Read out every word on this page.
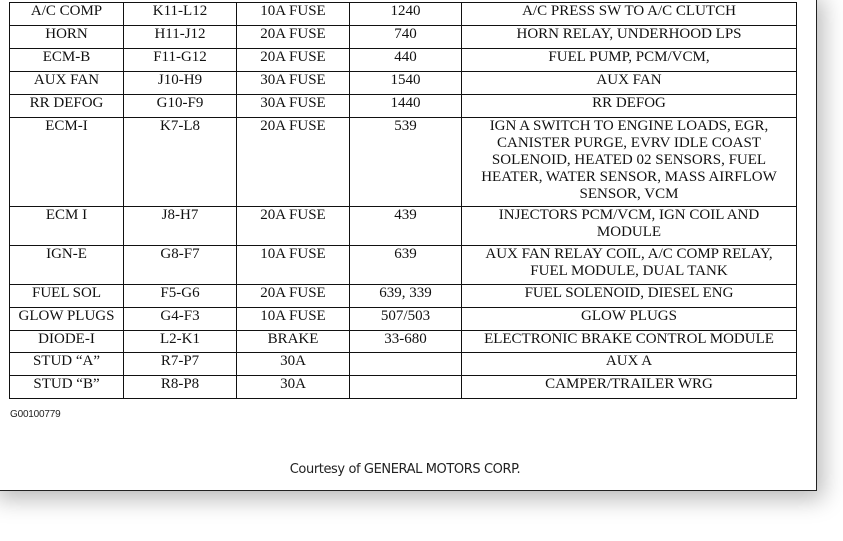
A/C COMP	K11-L12	10A FUSE	1240	A/C PRESS SW TO A/C CLUTCH
HORN	H11-J12	20A FUSE	740	HORN RELAY, UNDERHOOD LPS
ECM-B	F11-G12	20A FUSE	440	FUEL PUMP, PCM/VCM,
AUX FAN	J10-H9	30A FUSE	1540	AUX FAN
RR DEFOG	G10-F9	30A FUSE	1440	RR DEFOG
ECM-I	K7-L8	20A FUSE	539	IGN A SWITCH TO ENGINE LOADS, EGR, CANISTER PURGE, EVRV IDLE COAST SOLENOID, HEATED 02 SENSORS, FUEL HEATER, WATER SENSOR, MASS AIRFLOW SENSOR, VCM
ECM I	J8-H7	20A FUSE	439	INJECTORS PCM/VCM, IGN COIL AND MODULE
IGN-E	G8-F7	10A FUSE	639	AUX FAN RELAY COIL, A/C COMP RELAY, FUEL MODULE, DUAL TANK
FUEL SOL	F5-G6	20A FUSE	639, 339	FUEL SOLENOID, DIESEL ENG
GLOW PLUGS	G4-F3	10A FUSE	507/503	GLOW PLUGS
DIODE-I	L2-K1	BRAKE	33-680	ELECTRONIC BRAKE CONTROL MODULE
STUD “A”	R7-P7	30A		AUX A
STUD “B”	R8-P8	30A		CAMPER/TRAILER WRG
G00100779
Courtesy of GENERAL MOTORS CORP.
